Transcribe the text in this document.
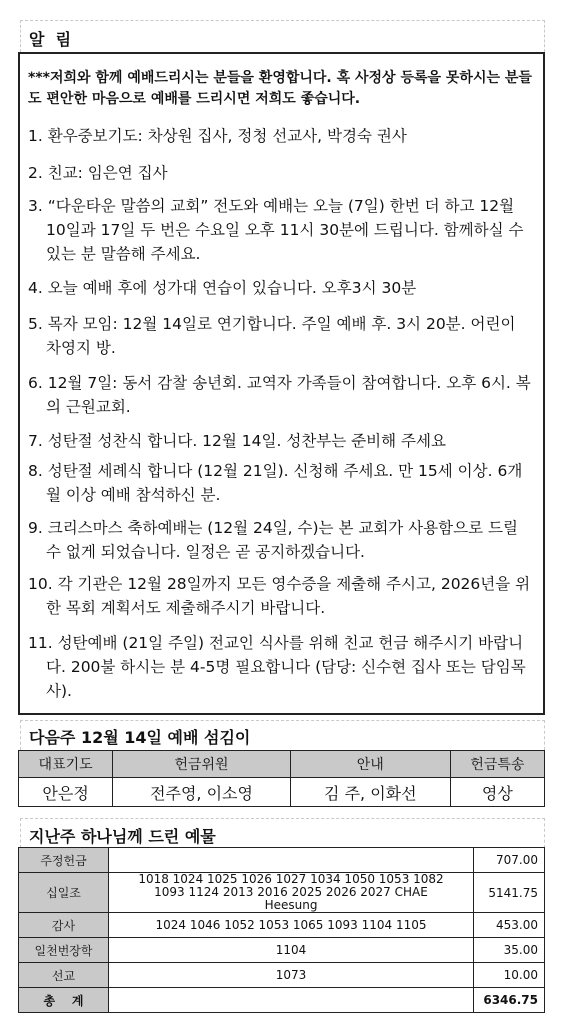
알  림
***저희와 함께 예배드리시는 분들을 환영합니다. 혹 사정상 등록을 못하시는 분들도 편안한 마음으로 예배를 드리시면 저희도 좋습니다.
1. 환우중보기도: 차상원 집사, 정청 선교사, 박경숙 권사
2. 친교: 임은연 집사
3. “다운타운 말씀의 교회” 전도와 예배는 오늘 (7일) 한번 더 하고 12월 10일과 17일 두 번은 수요일 오후 11시 30분에 드립니다. 함께하실 수 있는 분 말씀해 주세요.
4. 오늘 예배 후에 성가대 연습이 있습니다. 오후3시 30분
5. 목자 모임: 12월 14일로 연기합니다. 주일 예배 후. 3시 20분. 어린이 차영지 방.
6. 12월 7일: 동서 감찰 송년회. 교역자 가족들이 참여합니다. 오후 6시. 복의 근원교회.
7. 성탄절 성찬식 합니다. 12월 14일. 성찬부는 준비해 주세요
8. 성탄절 세례식 합니다 (12월 21일). 신청해 주세요. 만 15세 이상. 6개월 이상 예배 참석하신 분.
9. 크리스마스 축하예배는 (12월 24일, 수)는 본 교회가 사용함으로 드릴 수 없게 되었습니다. 일정은 곧 공지하겠습니다.
10. 각 기관은 12월 28일까지 모든 영수증을 제출해 주시고, 2026년을 위한 목회 계획서도 제출해주시기 바랍니다.
11. 성탄예배 (21일 주일) 전교인 식사를 위해 친교 헌금 해주시기 바랍니다. 200불 하시는 분 4-5명 필요합니다 (담당: 신수현 집사 또는 담임목사).
다음주 12월 14일 예배 섬김이
대표기도	헌금위원	안내	헌금특송
안은정	전주영, 이소영	김 주, 이화선	영상
지난주 하나님께 드린 예물
주정헌금		707.00
십일조	1018 1024 1025 1026 1027 1034 1050 1053 1082 1093 1124 2013 2016 2025 2026 2027 CHAE Heesung	5141.75
감사	1024 1046 1052 1053 1065 1093 1104 1105	453.00
일천번장학	1104	35.00
선교	1073	10.00
총    계		6346.75
